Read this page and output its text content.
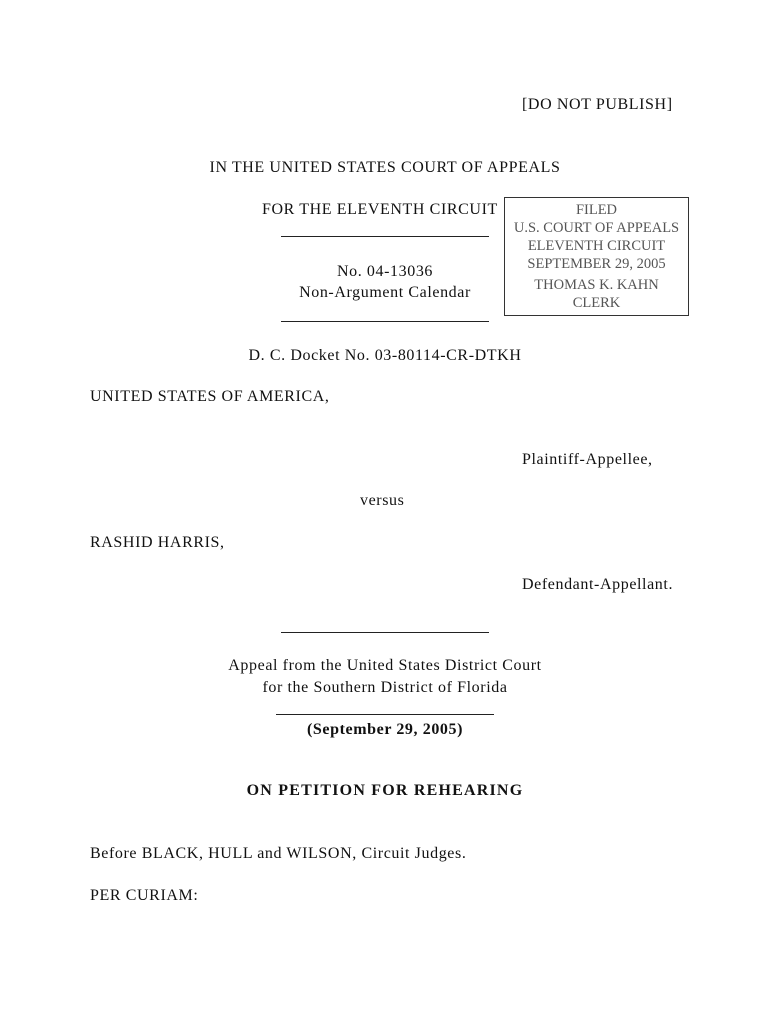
[DO NOT PUBLISH]
IN THE UNITED STATES COURT OF APPEALS
FOR THE ELEVENTH CIRCUIT	FILED
U.S. COURT OF APPEALS
ELEVENTH CIRCUIT
SEPTEMBER 29, 2005
THOMAS K. KAHN
CLERK
No. 04-13036
Non-Argument Calendar
D. C. Docket No. 03-80114-CR-DTKH
UNITED STATES OF AMERICA,
Plaintiff-Appellee,
versus
RASHID HARRIS,
Defendant-Appellant.
Appeal from the United States District Court
for the Southern District of Florida
(September 29, 2005)
ON PETITION FOR REHEARING
Before BLACK, HULL and WILSON, Circuit Judges.
PER CURIAM:
